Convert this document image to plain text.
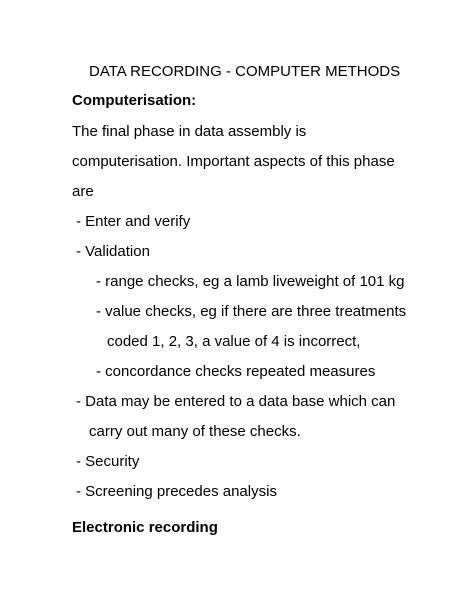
DATA RECORDING - COMPUTER METHODS
Computerisation:
The final phase in data assembly is
computerisation. Important aspects of this phase
are
- Enter and verify
- Validation
- range checks, eg a lamb liveweight of 101 kg
- value checks, eg if there are three treatments
coded 1, 2, 3, a value of 4 is incorrect,
- concordance checks repeated measures
- Data may be entered to a data base which can
carry out many of these checks.
- Security
- Screening precedes analysis
Electronic recording
